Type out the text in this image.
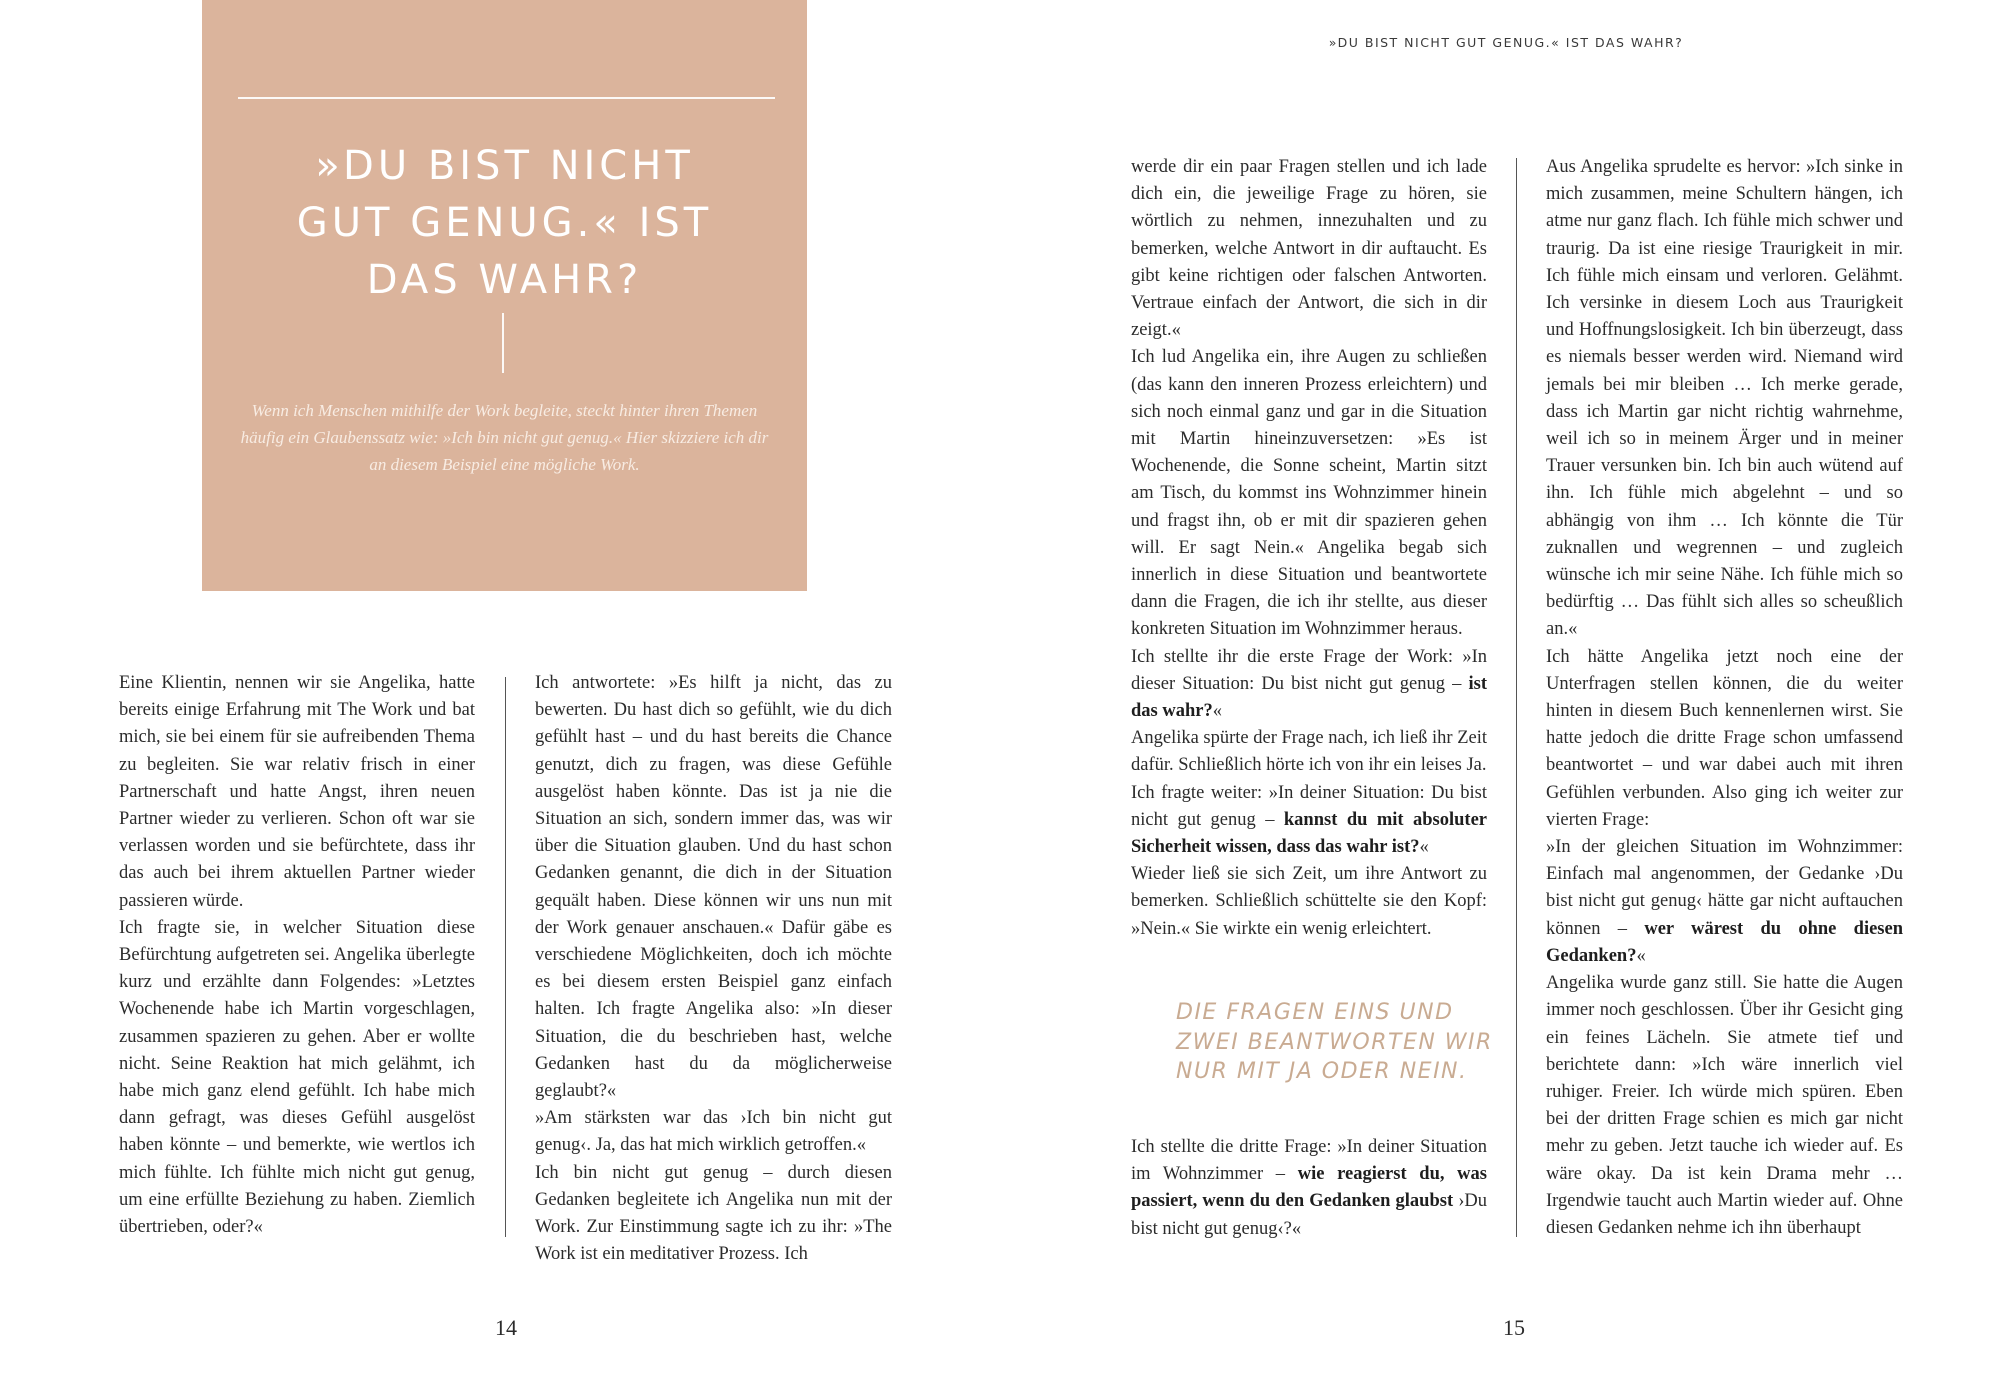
»DU BIST NICHT
GUT GENUG.« IST
DAS WAHR?

Wenn ich Menschen mithilfe der Work begleite, steckt hinter ihren Themen häufig ein Glaubenssatz wie: »Ich bin nicht gut genug.« Hier skizziere ich dir an diesem Beispiel eine mögliche Work.

Eine Klientin, nennen wir sie Angelika, hatte bereits einige Erfahrung mit The Work und bat mich, sie bei einem für sie aufreibenden Thema zu begleiten. Sie war relativ frisch in einer Partnerschaft und hatte Angst, ihren neuen Partner wieder zu verlieren. Schon oft war sie verlassen worden und sie befürchtete, dass ihr das auch bei ihrem aktuellen Partner wieder passieren würde.

Ich fragte sie, in welcher Situation diese Befürchtung aufgetreten sei. Angelika überlegte kurz und erzählte dann Folgendes: »Letztes Wochenende habe ich Martin vorgeschlagen, zusammen spazieren zu gehen. Aber er wollte nicht. Seine Reaktion hat mich gelähmt, ich habe mich ganz elend gefühlt. Ich habe mich dann gefragt, was dieses Gefühl ausgelöst haben könnte – und bemerkte, wie wertlos ich mich fühlte. Ich fühlte mich nicht gut genug, um eine erfüllte Beziehung zu haben. Ziemlich übertrieben, oder?«

Ich antwortete: »Es hilft ja nicht, das zu bewerten. Du hast dich so gefühlt, wie du dich gefühlt hast – und du hast bereits die Chance genutzt, dich zu fragen, was diese Gefühle ausgelöst haben könnte. Das ist ja nie die Situation an sich, sondern immer das, was wir über die Situation glauben. Und du hast schon Gedanken genannt, die dich in der Situation gequält haben. Diese können wir uns nun mit der Work genauer anschauen.« Dafür gäbe es verschiedene Möglichkeiten, doch ich möchte es bei diesem ersten Beispiel ganz einfach halten. Ich fragte Angelika also: »In dieser Situation, die du beschrieben hast, welche Gedanken hast du da möglicherweise geglaubt?«

»Am stärksten war das ›Ich bin nicht gut genug‹. Ja, das hat mich wirklich getroffen.«

Ich bin nicht gut genug – durch diesen Gedanken begleitete ich Angelika nun mit der Work. Zur Einstimmung sagte ich zu ihr: »The Work ist ein meditativer Prozess. Ich

14
»DU BIST NICHT GUT GENUG.« IST DAS WAHR?

werde dir ein paar Fragen stellen und ich lade dich ein, die jeweilige Frage zu hören, sie wörtlich zu nehmen, innezuhalten und zu bemerken, welche Antwort in dir auftaucht. Es gibt keine richtigen oder falschen Antworten. Vertraue einfach der Antwort, die sich in dir zeigt.«

Ich lud Angelika ein, ihre Augen zu schließen (das kann den inneren Prozess erleichtern) und sich noch einmal ganz und gar in die Situation mit Martin hineinzuversetzen: »Es ist Wochenende, die Sonne scheint, Martin sitzt am Tisch, du kommst ins Wohnzimmer hinein und fragst ihn, ob er mit dir spazieren gehen will. Er sagt Nein.« Angelika begab sich innerlich in diese Situation und beantwortete dann die Fragen, die ich ihr stellte, aus dieser konkreten Situation im Wohnzimmer heraus.

Ich stellte ihr die erste Frage der Work: »In dieser Situation: Du bist nicht gut genug – ist das wahr?«

Angelika spürte der Frage nach, ich ließ ihr Zeit dafür. Schließlich hörte ich von ihr ein leises Ja.

Ich fragte weiter: »In deiner Situation: Du bist nicht gut genug – kannst du mit absoluter Sicherheit wissen, dass das wahr ist?«

Wieder ließ sie sich Zeit, um ihre Antwort zu bemerken. Schließlich schüttelte sie den Kopf: »Nein.« Sie wirkte ein wenig erleichtert.

DIE FRAGEN EINS UND ZWEI BEANTWORTEN WIR NUR MIT JA ODER NEIN.

Ich stellte die dritte Frage: »In deiner Situation im Wohnzimmer – wie reagierst du, was passiert, wenn du den Gedanken glaubst ›Du bist nicht gut genug‹?«

Aus Angelika sprudelte es hervor: »Ich sinke in mich zusammen, meine Schultern hängen, ich atme nur ganz flach. Ich fühle mich schwer und traurig. Da ist eine riesige Traurigkeit in mir. Ich fühle mich einsam und verloren. Gelähmt. Ich versinke in diesem Loch aus Traurigkeit und Hoffnungslosigkeit. Ich bin überzeugt, dass es niemals besser werden wird. Niemand wird jemals bei mir bleiben … Ich merke gerade, dass ich Martin gar nicht richtig wahrnehme, weil ich so in meinem Ärger und in meiner Trauer versunken bin. Ich bin auch wütend auf ihn. Ich fühle mich abgelehnt – und so abhängig von ihm … Ich könnte die Tür zuknallen und wegrennen – und zugleich wünsche ich mir seine Nähe. Ich fühle mich so bedürftig … Das fühlt sich alles so scheußlich an.«

Ich hätte Angelika jetzt noch eine der Unterfragen stellen können, die du weiter hinten in diesem Buch kennenlernen wirst. Sie hatte jedoch die dritte Frage schon umfassend beantwortet – und war dabei auch mit ihren Gefühlen verbunden. Also ging ich weiter zur vierten Frage:

»In der gleichen Situation im Wohnzimmer: Einfach mal angenommen, der Gedanke ›Du bist nicht gut genug‹ hätte gar nicht auftauchen können – wer wärest du ohne diesen Gedanken?«

Angelika wurde ganz still. Sie hatte die Augen immer noch geschlossen. Über ihr Gesicht ging ein feines Lächeln. Sie atmete tief und berichtete dann: »Ich wäre innerlich viel ruhiger. Freier. Ich würde mich spüren. Eben bei der dritten Frage schien es mich gar nicht mehr zu geben. Jetzt tauche ich wieder auf. Es wäre okay. Da ist kein Drama mehr … Irgendwie taucht auch Martin wieder auf. Ohne diesen Gedanken nehme ich ihn überhaupt

15
